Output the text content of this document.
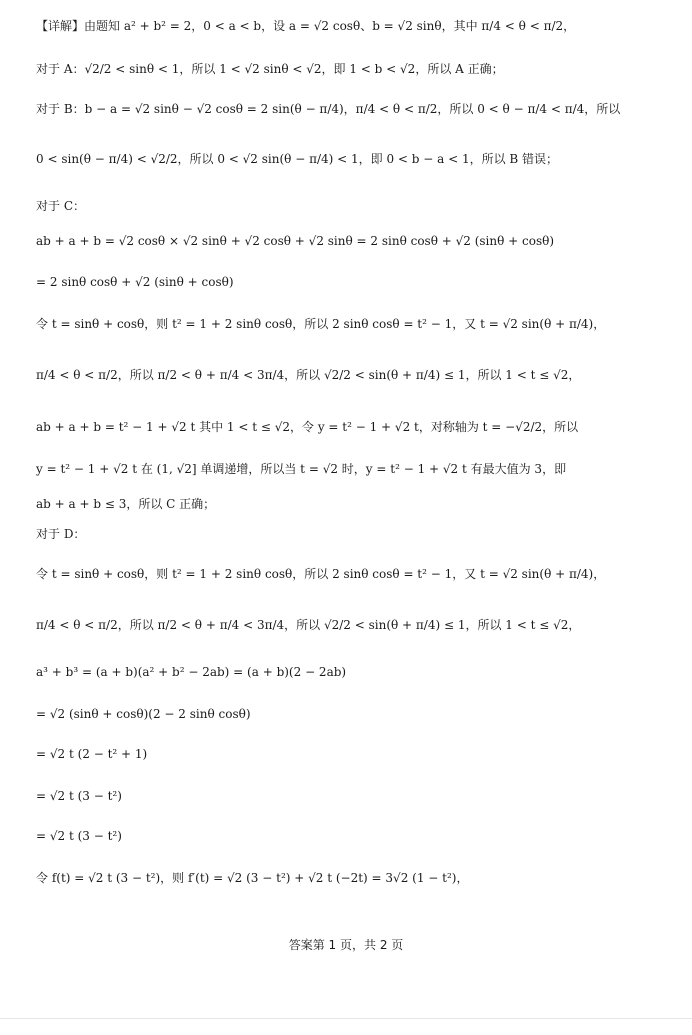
【详解】由题知 a² + b² = 2，0 < a < b，设 a = √2 cosθ、b = √2 sinθ，其中 π/4 < θ < π/2，
对于 A：√2/2 < sinθ < 1，所以 1 < √2 sinθ < √2，即 1 < b < √2，所以 A 正确；
对于 B：b − a = √2 sinθ − √2 cosθ = 2 sin(θ − π/4)，π/4 < θ < π/2，所以 0 < θ − π/4 < π/4，所以
0 < sin(θ − π/4) < √2/2，所以 0 < √2 sin(θ − π/4) < 1，即 0 < b − a < 1，所以 B 错误；
对于 C：
ab + a + b = √2 cosθ × √2 sinθ + √2 cosθ + √2 sinθ = 2 sinθ cosθ + √2 (sinθ + cosθ)
= 2 sinθ cosθ + √2 (sinθ + cosθ)
令 t = sinθ + cosθ，则 t² = 1 + 2 sinθ cosθ，所以 2 sinθ cosθ = t² − 1，又 t = √2 sin(θ + π/4)，
π/4 < θ < π/2，所以 π/2 < θ + π/4 < 3π/4，所以 √2/2 < sin(θ + π/4) ≤ 1，所以 1 < t ≤ √2，
ab + a + b = t² − 1 + √2 t 其中 1 < t ≤ √2，令 y = t² − 1 + √2 t，对称轴为 t = −√2/2，所以
y = t² − 1 + √2 t 在 (1, √2] 单调递增，所以当 t = √2 时，y = t² − 1 + √2 t 有最大值为 3，即
ab + a + b ≤ 3，所以 C 正确；
对于 D：
令 t = sinθ + cosθ，则 t² = 1 + 2 sinθ cosθ，所以 2 sinθ cosθ = t² − 1，又 t = √2 sin(θ + π/4)，
π/4 < θ < π/2，所以 π/2 < θ + π/4 < 3π/4，所以 √2/2 < sin(θ + π/4) ≤ 1，所以 1 < t ≤ √2，
a³ + b³ = (a + b)(a² + b² − 2ab) = (a + b)(2 − 2ab)
= √2 (sinθ + cosθ)(2 − 2 sinθ cosθ)
= √2 t (2 − t² + 1)
= √2 t (3 − t²)
= √2 t (3 − t²)
令 f(t) = √2 t (3 − t²)，则 f′(t) = √2 (3 − t²) + √2 t (−2t) = 3√2 (1 − t²)，
答案第 1 页，共 2 页
